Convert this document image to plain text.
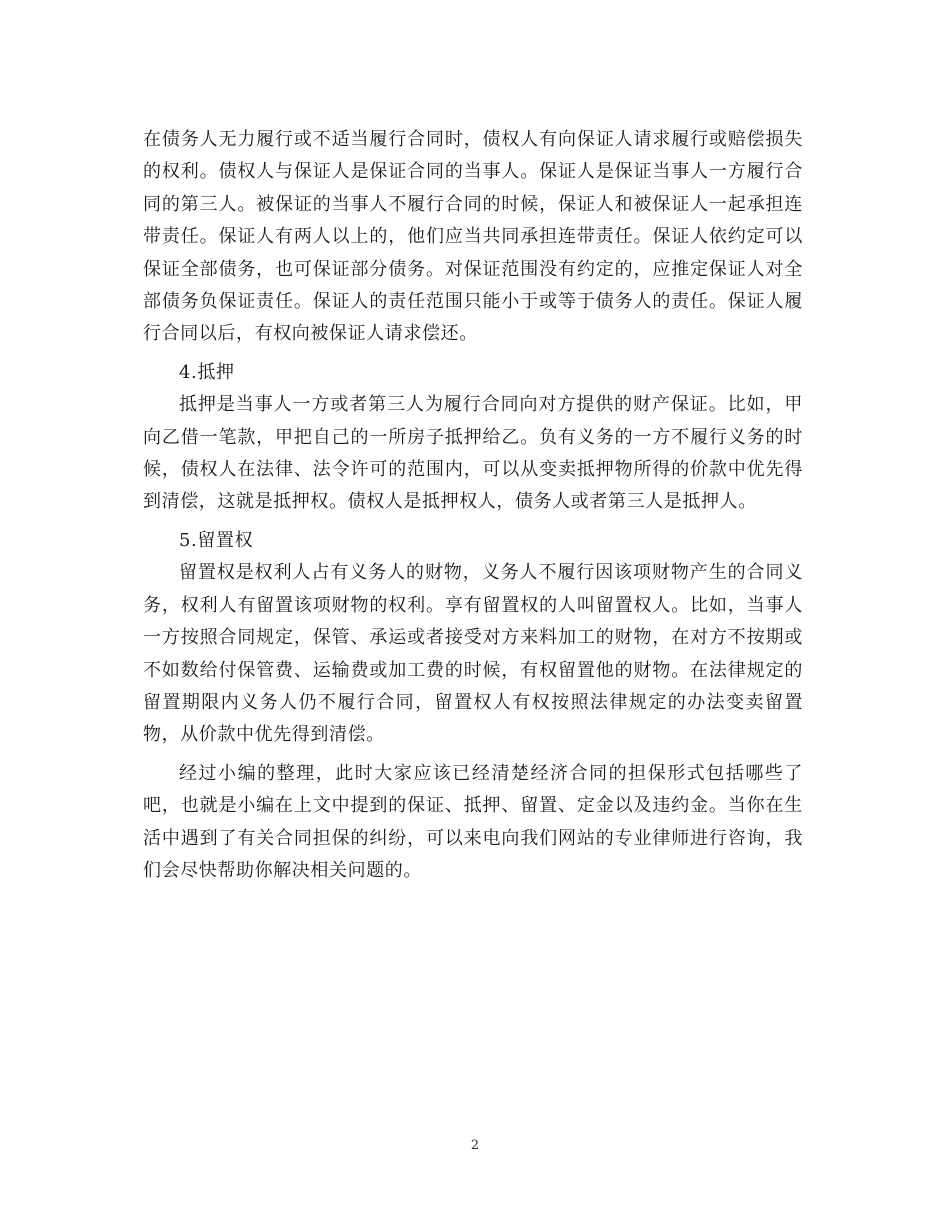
在债务人无力履行或不适当履行合同时，债权人有向保证人请求履行或赔偿损失的权利。债权人与保证人是保证合同的当事人。保证人是保证当事人一方履行合同的第三人。被保证的当事人不履行合同的时候，保证人和被保证人一起承担连带责任。保证人有两人以上的，他们应当共同承担连带责任。保证人依约定可以保证全部债务，也可保证部分债务。对保证范围没有约定的，应推定保证人对全部债务负保证责任。保证人的责任范围只能小于或等于债务人的责任。保证人履行合同以后，有权向被保证人请求偿还。

4.抵押

抵押是当事人一方或者第三人为履行合同向对方提供的财产保证。比如，甲向乙借一笔款，甲把自己的一所房子抵押给乙。负有义务的一方不履行义务的时候，债权人在法律、法令许可的范围内，可以从变卖抵押物所得的价款中优先得到清偿，这就是抵押权。债权人是抵押权人，债务人或者第三人是抵押人。

5.留置权

留置权是权利人占有义务人的财物，义务人不履行因该项财物产生的合同义务，权利人有留置该项财物的权利。享有留置权的人叫留置权人。比如，当事人一方按照合同规定，保管、承运或者接受对方来料加工的财物，在对方不按期或不如数给付保管费、运输费或加工费的时候，有权留置他的财物。在法律规定的留置期限内义务人仍不履行合同，留置权人有权按照法律规定的办法变卖留置物，从价款中优先得到清偿。

经过小编的整理，此时大家应该已经清楚经济合同的担保形式包括哪些了吧，也就是小编在上文中提到的保证、抵押、留置、定金以及违约金。当你在生活中遇到了有关合同担保的纠纷，可以来电向我们网站的专业律师进行咨询，我们会尽快帮助你解决相关问题的。

2
